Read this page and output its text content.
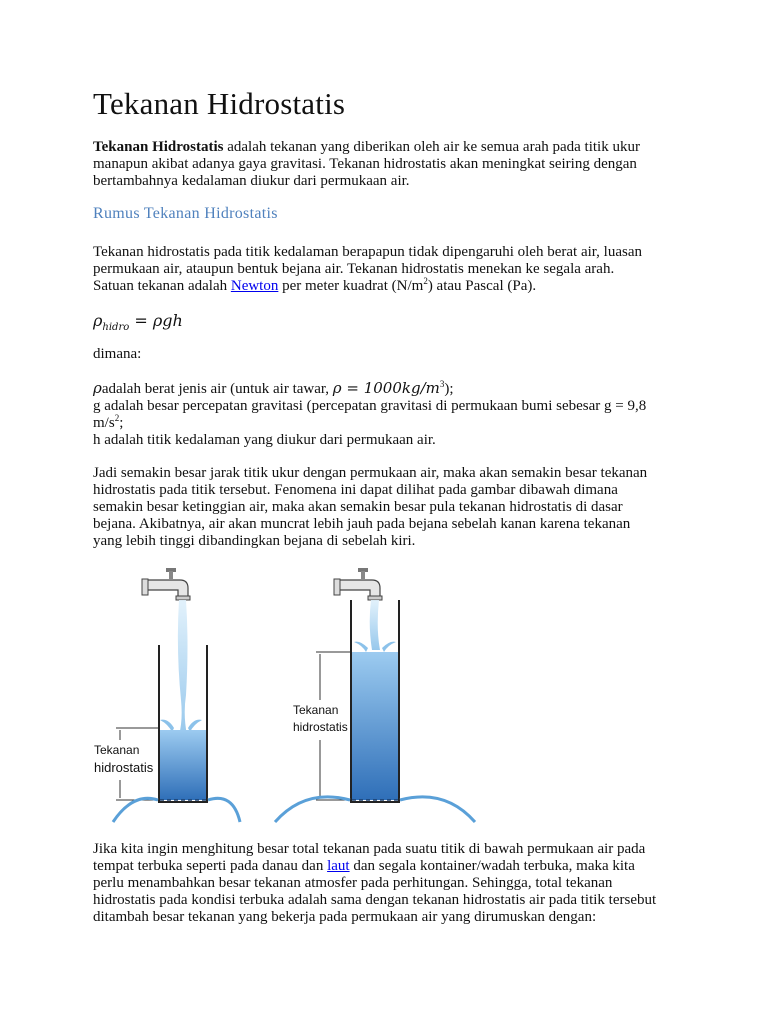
Tekanan Hidrostatis
Tekanan Hidrostatis adalah tekanan yang diberikan oleh air ke semua arah pada titik ukur
manapun akibat adanya gaya gravitasi. Tekanan hidrostatis akan meningkat seiring dengan
bertambahnya kedalaman diukur dari permukaan air.
Rumus Tekanan Hidrostatis
Tekanan hidrostatis pada titik kedalaman berapapun tidak dipengaruhi oleh berat air, luasan
permukaan air, ataupun bentuk bejana air. Tekanan hidrostatis menekan ke segala arah.
Satuan tekanan adalah Newton per meter kuadrat $(N/m^2)$ atau Pascal (Pa).
$\rho_{hidro} = \rho gh$
dimana:
ρadalah berat jenis air (untuk air tawar, $\rho = 1000kg/m^3$);
g adalah besar percepatan gravitasi (percepatan gravitasi di permukaan bumi sebesar g = 9,8
$m/s^2$;
h adalah titik kedalaman yang diukur dari permukaan air.
Jadi semakin besar jarak titik ukur dengan permukaan air, maka akan semakin besar tekanan
hidrostatis pada titik tersebut. Fenomena ini dapat dilihat pada gambar dibawah dimana
semakin besar ketinggian air, maka akan semakin besar pula tekanan hidrostatis di dasar
bejana. Akibatnya, air akan muncrat lebih jauh pada bejana sebelah kanan karena tekanan
yang lebih tinggi dibandingkan bejana di sebelah kiri.
Tekanan
hidrostatis
Tekanan
hidrostatis
Jika kita ingin menghitung besar total tekanan pada suatu titik di bawah permukaan air pada
tempat terbuka seperti pada danau dan laut dan segala kontainer/wadah terbuka, maka kita
perlu menambahkan besar tekanan atmosfer pada perhitungan. Sehingga, total tekanan
hidrostatis pada kondisi terbuka adalah sama dengan tekanan hidrostatis air pada titik tersebut
ditambah besar tekanan yang bekerja pada permukaan air yang dirumuskan dengan:
